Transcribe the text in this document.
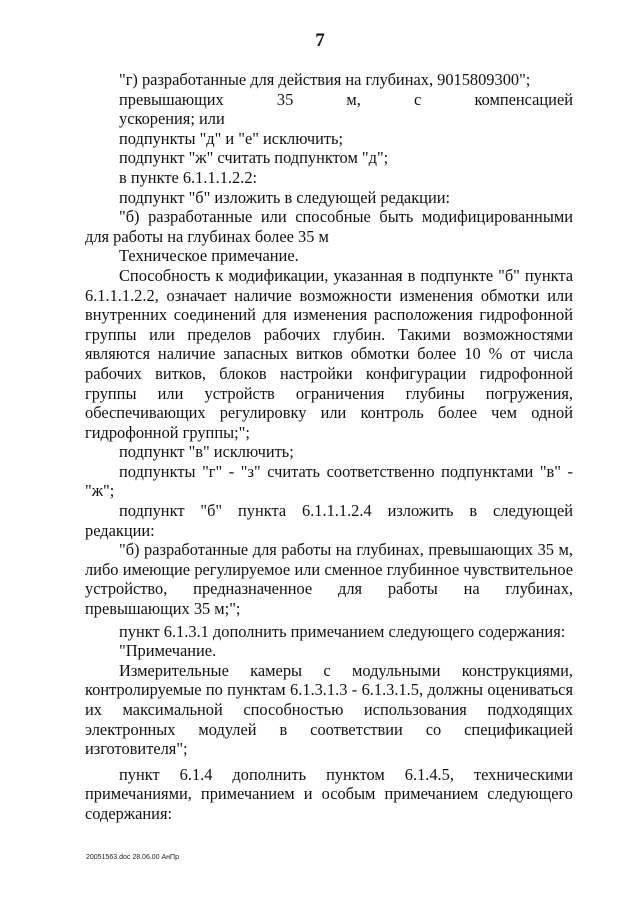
7

"г) разработанные для действия на глубинах, 9015809300";

превышающих 35 м, с компенсацией

ускорения; или

подпункты "д" и "е" исключить;

подпункт "ж" считать подпунктом "д";

в пункте 6.1.1.1.2.2:

подпункт "б" изложить в следующей редакции:

"б) разработанные или способные быть модифицированными для работы на глубинах более 35 м

Техническое примечание.

Способность к модификации, указанная в подпункте "б" пункта 6.1.1.1.2.2, означает наличие возможности изменения обмотки или внутренних соединений для изменения расположения гидрофонной группы или пределов рабочих глубин. Такими возможностями являются наличие запасных витков обмотки более 10 % от числа рабочих витков, блоков настройки конфигурации гидрофонной группы или устройств ограничения глубины погружения, обеспечивающих регулировку или контроль более чем одной гидрофонной группы;";

подпункт "в" исключить;

подпункты "г" - "з" считать соответственно подпунктами "в" - "ж";

подпункт "б" пункта 6.1.1.1.2.4 изложить в следующей редакции:

"б) разработанные для работы на глубинах, превышающих 35 м, либо имеющие регулируемое или сменное глубинное чувствительное устройство, предназначенное для работы на глубинах, превышающих 35 м;";

пункт 6.1.3.1 дополнить примечанием следующего содержания:

"Примечание.

Измерительные камеры с модульными конструкциями, контролируемые по пунктам 6.1.3.1.3 - 6.1.3.1.5, должны оцениваться их максимальной способностью использования подходящих электронных модулей в соответствии со спецификацией изготовителя";

пункт 6.1.4 дополнить пунктом 6.1.4.5, техническими примечаниями, примечанием и особым примечанием следующего содержания:

20051563.doc 28.06.00 АнПр
